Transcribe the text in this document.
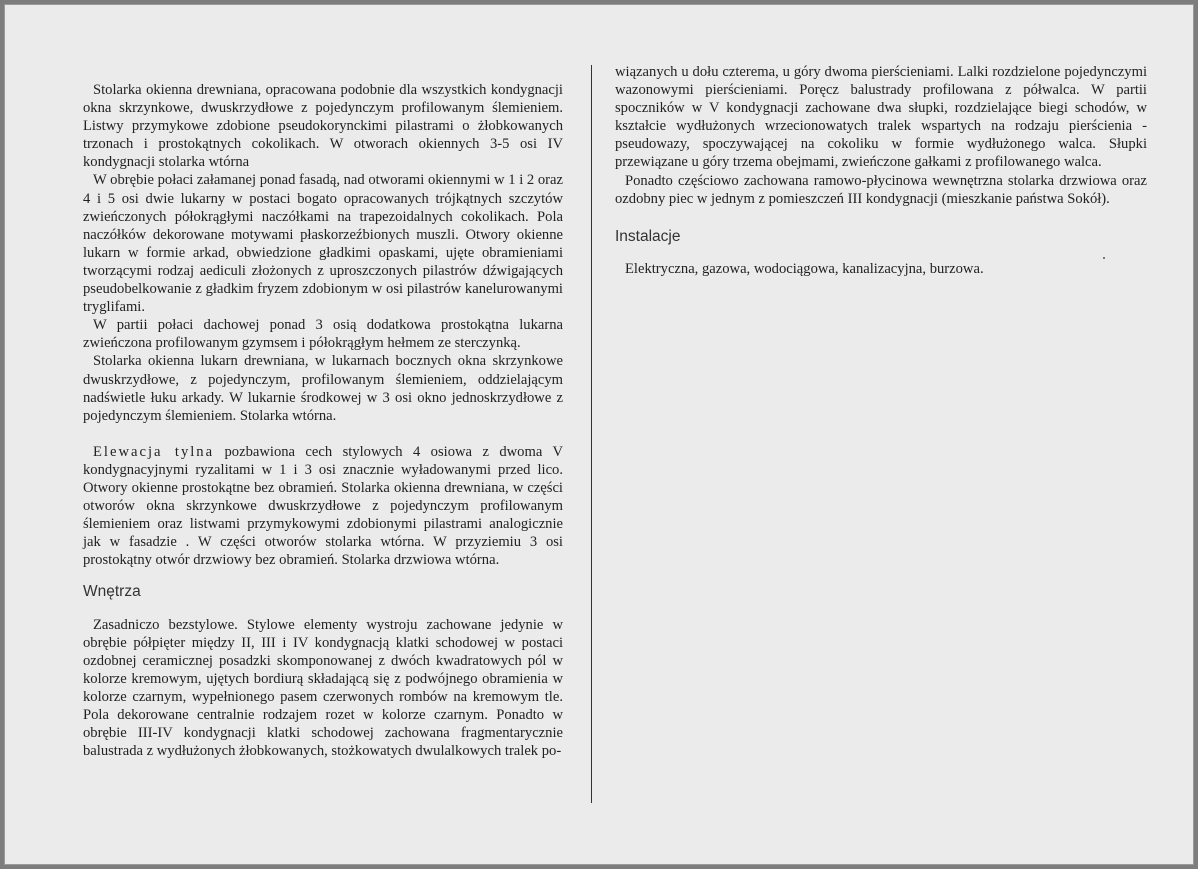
Stolarka okienna drewniana, opracowana podobnie dla wszystkich kondygnacji okna skrzynkowe, dwuskrzydłowe z pojedynczym profilowanym ślemieniem. Listwy przymykowe zdobione pseudokorynckimi pilastrami o żłobkowanych trzonach i prostokątnych cokolikach. W otworach okiennych 3-5 osi IV kondygnacji stolarka wtórna

W obrębie połaci załamanej ponad fasadą, nad otworami okiennymi w 1 i 2 oraz 4 i 5 osi dwie lukarny w postaci bogato opracowanych trójkątnych szczytów zwieńczonych półokrągłymi naczółkami na trapezoidalnych cokolikach. Pola naczółków dekorowane motywami płaskorzeźbionych muszli. Otwory okienne lukarn w formie arkad, obwiedzione gładkimi opaskami, ujęte obramieniami tworzącymi rodzaj aediculi złożonych z uproszczonych pilastrów dźwigających pseudobelkowanie z gładkim fryzem zdobionym w osi pilastrów kanelurowanymi tryglifami.

W partii połaci dachowej ponad 3 osią dodatkowa prostokątna lukarna zwieńczona profilowanym gzymsem i półokrągłym hełmem ze sterczynką.

Stolarka okienna lukarn drewniana, w lukarnach bocznych okna skrzynkowe dwuskrzydłowe, z pojedynczym, profilowanym ślemieniem, oddzielającym nadświetle łuku arkady. W lukarnie środkowej w 3 osi okno jednoskrzydłowe z pojedynczym ślemieniem. Stolarka wtórna.

Elewacja tylna pozbawiona cech stylowych 4 osiowa z dwoma V kondygnacyjnymi ryzalitami w 1 i 3 osi znacznie wyładowanymi przed lico. Otwory okienne prostokątne bez obramień. Stolarka okienna drewniana, w części otworów okna skrzynkowe dwuskrzydłowe z pojedynczym profilowanym ślemieniem oraz listwami przymykowymi zdobionymi pilastrami analogicznie jak w fasadzie . W części otworów stolarka wtórna. W przyziemiu 3 osi prostokątny otwór drzwiowy bez obramień. Stolarka drzwiowa wtórna.

Wnętrza

Zasadniczo bezstylowe. Stylowe elementy wystroju zachowane jedynie w obrębie półpięter między II, III i IV kondygnacją klatki schodowej w postaci ozdobnej ceramicznej posadzki skomponowanej z dwóch kwadratowych pól w kolorze kremowym, ujętych bordiurą składającą się z podwójnego obramienia w kolorze czarnym, wypełnionego pasem czerwonych rombów na kremowym tle. Pola dekorowane centralnie rodzajem rozet w kolorze czarnym. Ponadto w obrębie III-IV kondygnacji klatki schodowej zachowana fragmentarycznie balustrada z wydłużonych żłobkowanych, stożkowatych dwulalkowych tralek po-

wiązanych u dołu czterema, u góry dwoma pierścieniami. Lalki rozdzielone pojedynczymi wazonowymi pierścieniami. Poręcz balustrady profilowana z półwalca. W partii spoczników w V kondygnacji zachowane dwa słupki, rozdzielające biegi schodów, w kształcie wydłużonych wrzecionowatych tralek wspartych na rodzaju pierścienia - pseudowazy, spoczywającej na cokoliku w formie wydłużonego walca. Słupki przewiązane u góry trzema obejmami, zwieńczone gałkami z profilowanego walca.

Ponadto częściowo zachowana ramowo-płycinowa wewnętrzna stolarka drzwiowa oraz ozdobny piec w jednym z pomieszczeń III kondygnacji (mieszkanie państwa Sokół).

Instalacje

Elektryczna, gazowa, wodociągowa, kanalizacyjna, burzowa.
